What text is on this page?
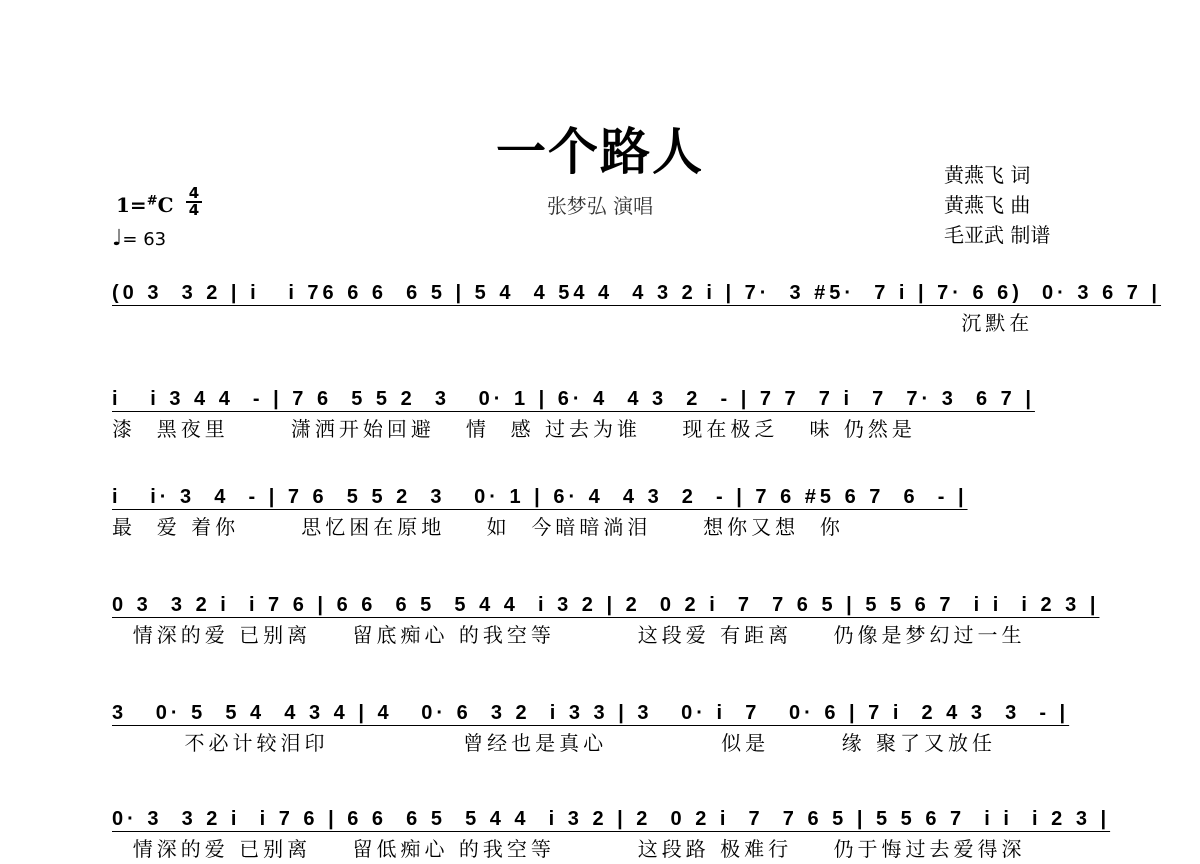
一个路人
张梦弘 演唱
黄燕飞 词
黄燕飞 曲
毛亚武 制谱
1=#C 4
4
♩= 63
(0 3  3 2 | i   i 76 6 6  6 5 | 5 4  4 54 4  4 3 2 i | 7·  3 #5·  7 i | 7· 6 6)  0· 3 6 7 |
沉默在
i   i 3 4 4  - | 7 6  5 5 2  3   0· 1 | 6· 4  4 3  2  - | 7 7  7 i  7  7· 3  6 7 |
漆  黑夜里      潇洒开始回避   情  感 过去为谁    现在极乏   味 仍然是
i   i· 3  4  - | 7 6  5 5 2  3   0· 1 | 6· 4  4 3  2  - | 7 6 #5 6 7  6  - |
最  爱 着你      思忆困在原地    如  今暗暗淌泪     想你又想  你
0 3  3 2 i  i 7 6 | 6 6  6 5  5 4 4  i 3 2 | 2  0 2 i  7  7 6 5 | 5 5 6 7  i i  i 2 3 |
情深的爱 已别离    留底痴心 的我空等        这段爱 有距离    仍像是梦幻过一生
3   0· 5  5 4  4 3 4 | 4   0· 6  3 2  i 3 3 | 3   0· i  7   0· 6 | 7 i  2 4 3  3  - |
不必计较泪印             曾经也是真心           似是       缘 聚了又放任
0· 3  3 2 i  i 7 6 | 6 6  6 5  5 4 4  i 3 2 | 2  0 2 i  7  7 6 5 | 5 5 6 7  i i  i 2 3 |
情深的爱 已别离    留低痴心 的我空等        这段路 极难行    仍于悔过去爱得深
